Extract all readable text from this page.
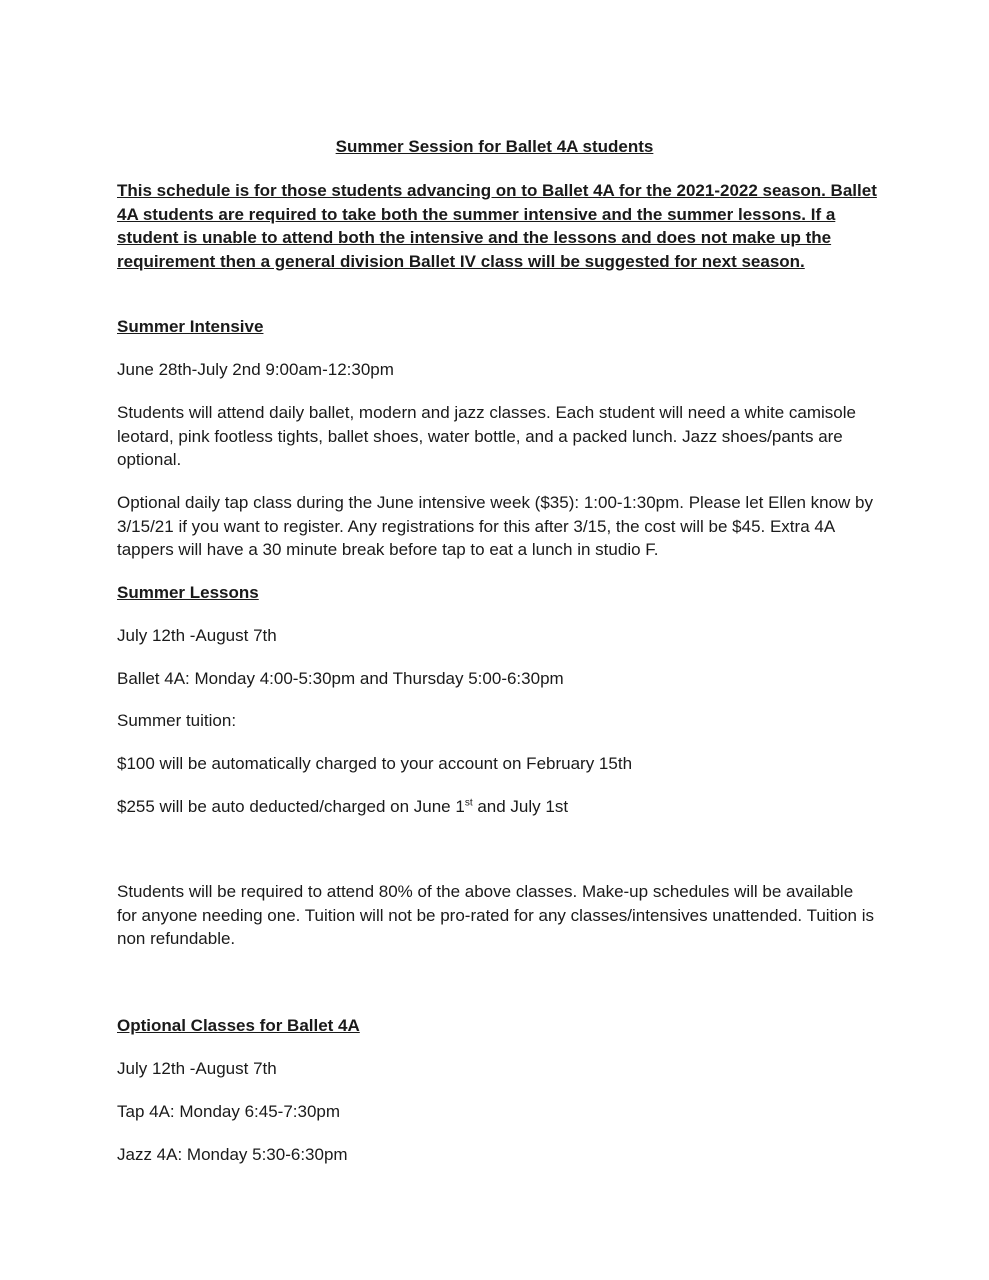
Summer Session for Ballet 4A students

This schedule is for those students advancing on to Ballet 4A for the 2021-2022 season. Ballet 4A students are required to take both the summer intensive and the summer lessons. If a student is unable to attend both the intensive and the lessons and does not make up the requirement then a general division Ballet IV class will be suggested for next season.

Summer Intensive

June 28th-July 2nd 9:00am-12:30pm

Students will attend daily ballet, modern and jazz classes. Each student will need a white camisole leotard, pink footless tights, ballet shoes, water bottle, and a packed lunch. Jazz shoes/pants are optional.

Optional daily tap class during the June intensive week ($35): 1:00-1:30pm. Please let Ellen know by 3/15/21 if you want to register. Any registrations for this after 3/15, the cost will be $45. Extra 4A tappers will have a 30 minute break before tap to eat a lunch in studio F.

Summer Lessons

July 12th -August 7th

Ballet 4A: Monday 4:00-5:30pm and Thursday 5:00-6:30pm

Summer tuition:

$100 will be automatically charged to your account on February 15th

$255 will be auto deducted/charged on June 1st and July 1st

Students will be required to attend 80% of the above classes. Make-up schedules will be available for anyone needing one. Tuition will not be pro-rated for any classes/intensives unattended. Tuition is non refundable.

Optional Classes for Ballet 4A

July 12th -August 7th

Tap 4A: Monday 6:45-7:30pm

Jazz 4A: Monday 5:30-6:30pm
